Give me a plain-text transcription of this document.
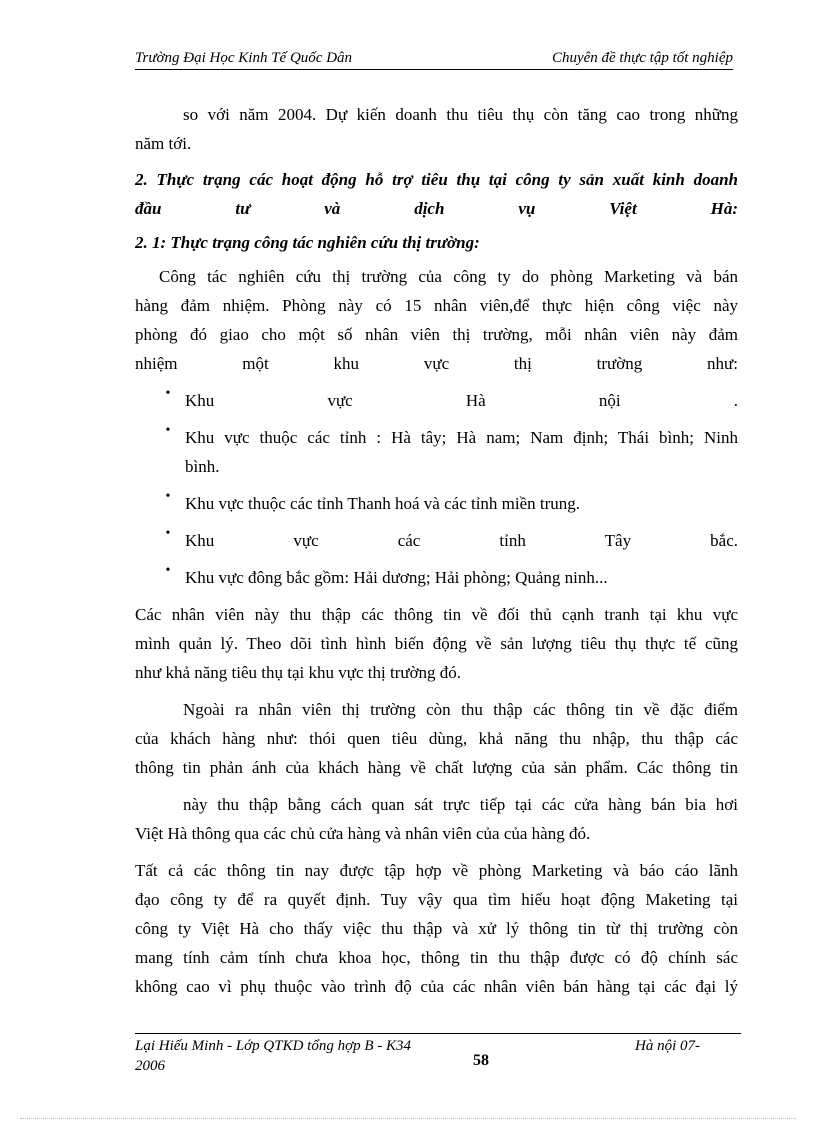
Trường Đại Học Kinh Tế Quốc Dân	Chuyên đề thực tập tốt nghiệp
so với năm 2004. Dự kiến doanh thu tiêu thụ còn tăng cao trong những
năm tới.
2. Thực trạng các hoạt động hỗ trợ tiêu thụ tại công ty sản xuất kinh doanh
đầu tư và dịch vụ Việt Hà:
2. 1: Thực trạng công tác nghiên cứu thị trường:
Công tác nghiên cứu thị trường của công ty do phòng Marketing và bán
hàng đảm nhiệm. Phòng này có 15 nhân viên,để thực hiện công việc này
phòng đó giao cho một số nhân viên thị trường, mỗi nhân viên này đảm
nhiệm một khu vực thị trường như:
• Khu vực Hà nội .
• Khu vực thuộc các tỉnh : Hà tây; Hà nam; Nam định; Thái bình; Ninh
bình.
• Khu vực thuộc các tỉnh Thanh hoá và các tỉnh miền trung.
• Khu vực các tỉnh Tây bắc.
• Khu vực đông bắc gồm: Hải dương; Hải phòng; Quảng ninh...
Các nhân viên này thu thập các thông tin về đối thủ cạnh tranh tại khu vực
mình quản lý. Theo dõi tình hình biến động về sản lượng tiêu thụ thực tế cũng
như khả năng tiêu thụ tại khu vực thị trường đó.
Ngoài ra nhân viên thị trường còn thu thập các thông tin về đặc điểm
của khách hàng như: thói quen tiêu dùng, khả năng thu nhập, thu thập các
thông tin phản ánh của khách hàng về chất lượng của sản phẩm. Các thông tin
này thu thập bằng cách quan sát trực tiếp tại các cửa hàng bán bia hơi
Việt Hà thông qua các chủ cửa hàng và nhân viên của của hàng đó.
Tất cả các thông tin nay được tập hợp về phòng Marketing và báo cáo lãnh
đạo công ty để ra quyết định. Tuy vậy qua tìm hiểu hoạt động Maketing tại
công ty Việt Hà cho thấy việc thu thập và xử lý thông tin từ thị trường còn
mang tính cảm tính chưa khoa học, thông tin thu thập được có độ chính sác
không cao vì phụ thuộc vào trình độ của các nhân viên bán hàng tại các đại lý
Lại Hiếu Minh - Lớp QTKD tổng hợp B - K34
2006	58
Hà nội 07-
